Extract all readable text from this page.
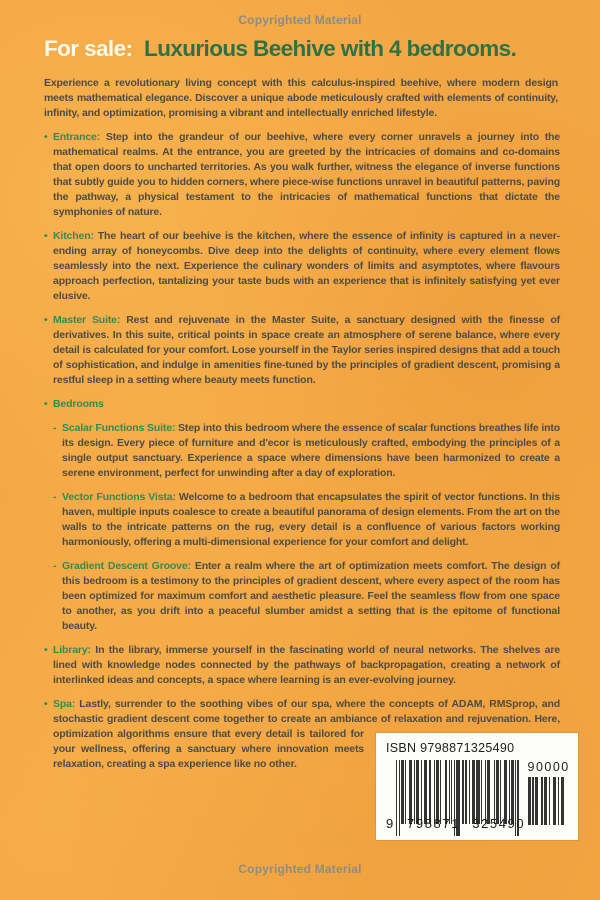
Copyrighted Material
For sale: Luxurious Beehive with 4 bedrooms.
Experience a revolutionary living concept with this calculus-inspired beehive, where modern design meets mathematical elegance. Discover a unique abode meticulously crafted with elements of continuity, infinity, and optimization, promising a vibrant and intellectually enriched lifestyle.
• Entrance: Step into the grandeur of our beehive, where every corner unravels a journey into the mathematical realms. At the entrance, you are greeted by the intricacies of domains and co-domains that open doors to uncharted territories. As you walk further, witness the elegance of inverse functions that subtly guide you to hidden corners, where piece-wise functions unravel in beautiful patterns, paving the pathway, a physical testament to the intricacies of mathematical functions that dictate the symphonies of nature.
• Kitchen: The heart of our beehive is the kitchen, where the essence of infinity is captured in a never-ending array of honeycombs. Dive deep into the delights of continuity, where every element flows seamlessly into the next. Experience the culinary wonders of limits and asymptotes, where flavours approach perfection, tantalizing your taste buds with an experience that is infinitely satisfying yet ever elusive.
• Master Suite: Rest and rejuvenate in the Master Suite, a sanctuary designed with the finesse of derivatives. In this suite, critical points in space create an atmosphere of serene balance, where every detail is calculated for your comfort. Lose yourself in the Taylor series inspired designs that add a touch of sophistication, and indulge in amenities fine-tuned by the principles of gradient descent, promising a restful sleep in a setting where beauty meets function.
• Bedrooms
- Scalar Functions Suite: Step into this bedroom where the essence of scalar functions breathes life into its design. Every piece of furniture and d'ecor is meticulously crafted, embodying the principles of a single output sanctuary. Experience a space where dimensions have been harmonized to create a serene environment, perfect for unwinding after a day of exploration.
- Vector Functions Vista: Welcome to a bedroom that encapsulates the spirit of vector functions. In this haven, multiple inputs coalesce to create a beautiful panorama of design elements. From the art on the walls to the intricate patterns on the rug, every detail is a confluence of various factors working harmoniously, offering a multi-dimensional experience for your comfort and delight.
- Gradient Descent Groove: Enter a realm where the art of optimization meets comfort. The design of this bedroom is a testimony to the principles of gradient descent, where every aspect of the room has been optimized for maximum comfort and aesthetic pleasure. Feel the seamless flow from one space to another, as you drift into a peaceful slumber amidst a setting that is the epitome of functional beauty.
• Library: In the library, immerse yourself in the fascinating world of neural networks. The shelves are lined with knowledge nodes connected by the pathways of backpropagation, creating a network of interlinked ideas and concepts, a space where learning is an ever-evolving journey.
• Spa: Lastly, surrender to the soothing vibes of our spa, where the concepts of ADAM, RMSprop, and stochastic gradient descent come together to create an ambiance of relaxation and rejuvenation. Here,
ISBN 9798871325490
90000
9 798871 325490
optimization algorithms ensure that every detail is tailored for your wellness, offering a sanctuary where innovation meets relaxation, creating a spa experience like no other.
Copyrighted Material
